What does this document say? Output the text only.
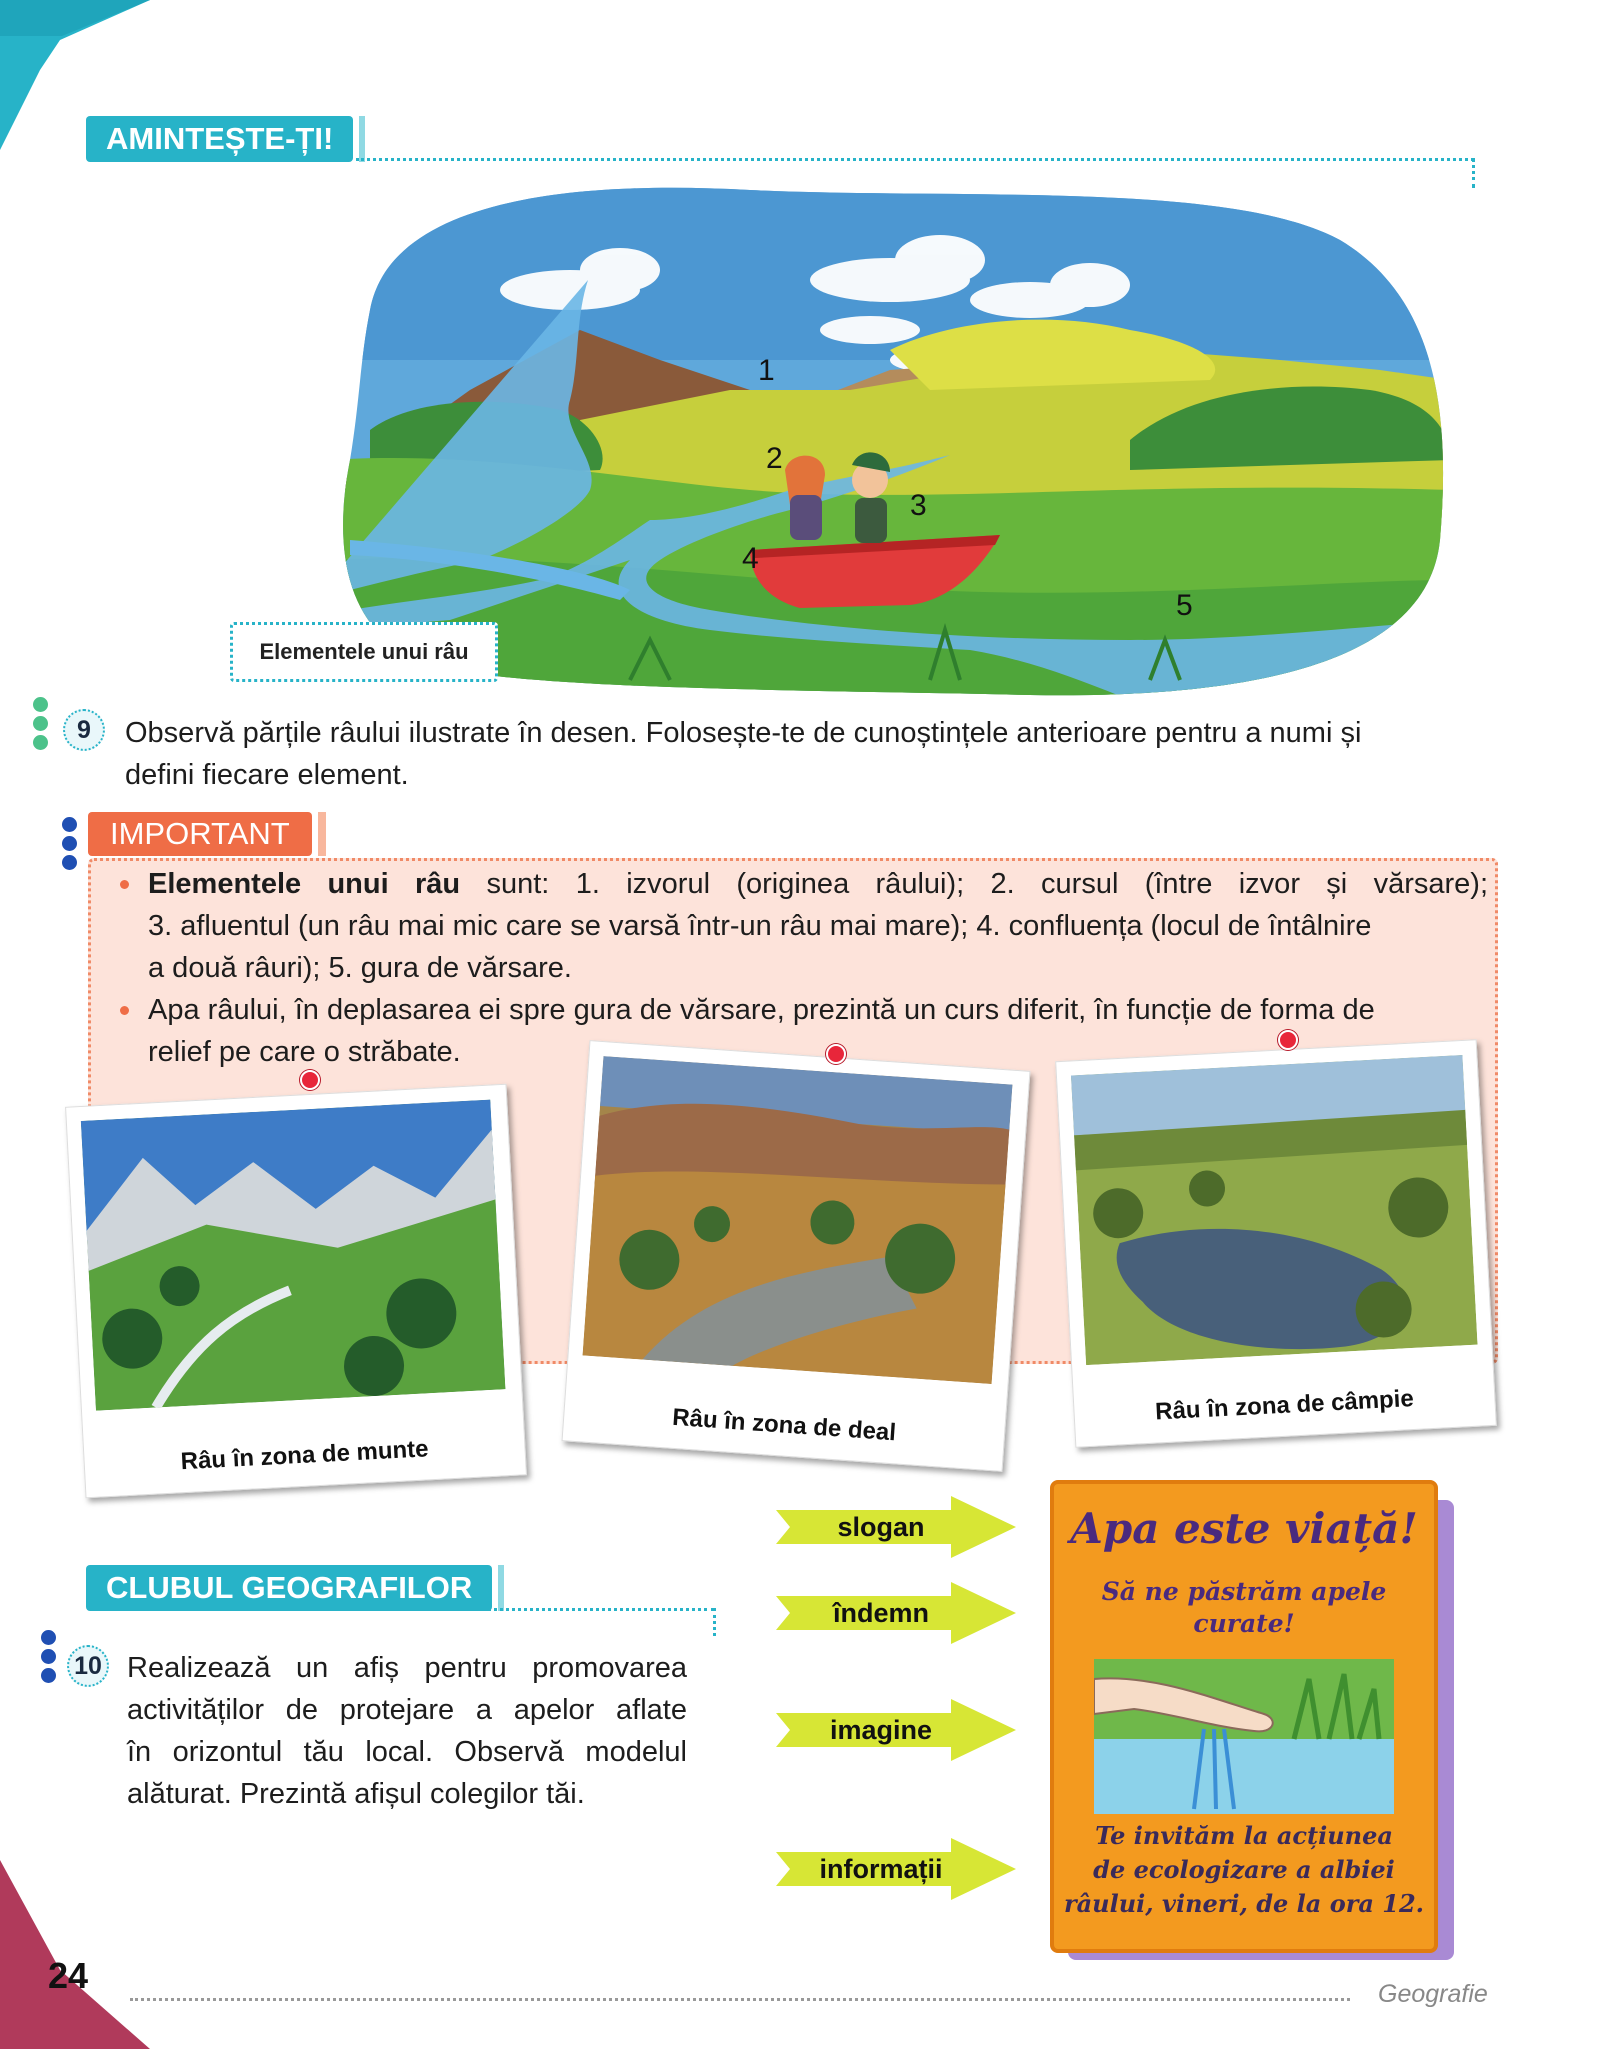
AMINTEȘTE-ȚI!
1
2
3
4
5
Elementele unui râu
9	Observă părțile râului ilustrate în desen. Folosește-te de cunoștințele anterioare pentru a numi și
defini fiecare element.
IMPORTANT
Elementele unui râu sunt: 1. izvorul (originea râului); 2. cursul (între izvor și vărsare);
3. afluentul (un râu mai mic care se varsă într-un râu mai mare); 4. confluența (locul de întâlnire
a două râuri); 5. gura de vărsare.
Apa râului, în deplasarea ei spre gura de vărsare, prezintă un curs diferit, în funcție de forma de
relief pe care o străbate.
Râu în zona de munte
Râu în zona de deal	Râu în zona de câmpie
CLUBUL GEOGRAFILOR
10 Realizează un afiș pentru promovarea
activităților de protejare a apelor aflate
în orizontul tău local. Observă modelul
alăturat. Prezintă afișul colegilor tăi.
slogan
îndemn
imagine
informații
Apa este viață!
Să ne păstrăm apele
curate!
Te invităm la acțiunea
de ecologizare a albiei
râului, vineri, de la ora 12.
24	Geografie
